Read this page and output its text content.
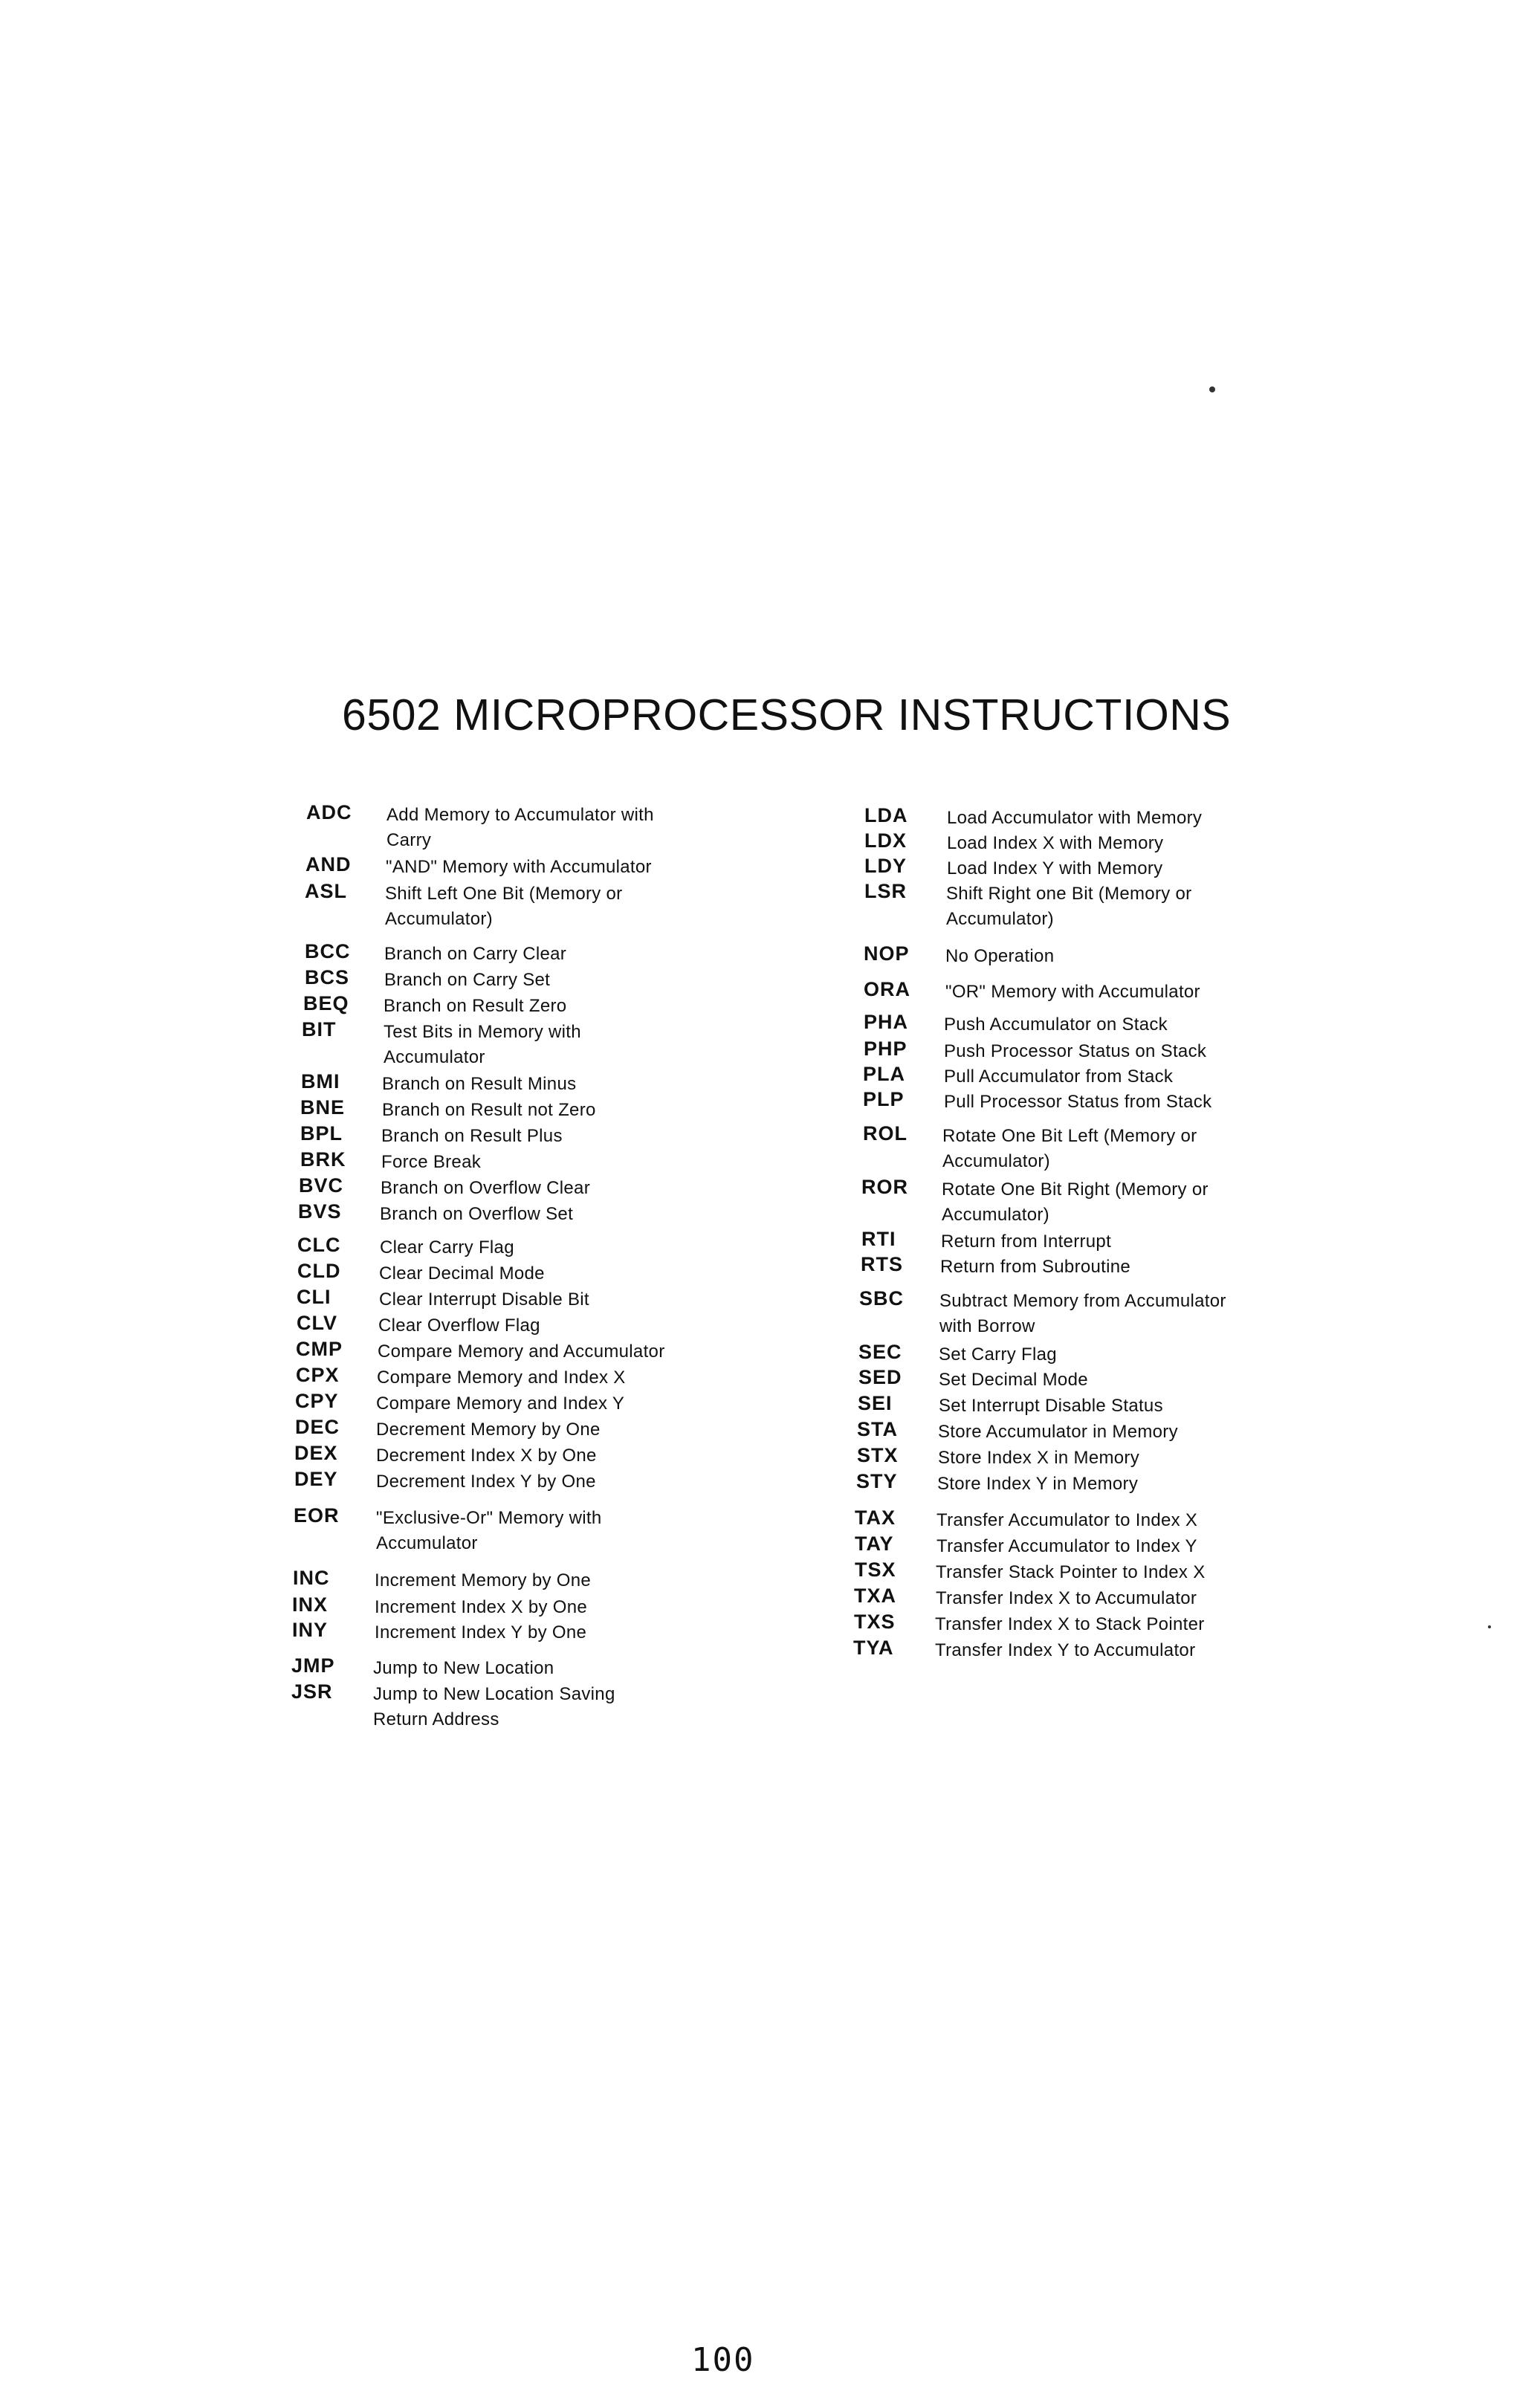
6502 MICROPROCESSOR INSTRUCTIONS
ADC Add Memory to Accumulator with
Carry
AND "AND" Memory with Accumulator
ASL Shift Left One Bit (Memory or
Accumulator)
BCC Branch on Carry Clear
BCS Branch on Carry Set
BEQ Branch on Result Zero
BIT	Test Bits in Memory with
Accumulator
BMI Branch on Result Minus
BNE Branch on Result not Zero
BPL Branch on Result Plus
BRK Force Break
BVC Branch on Overflow Clear
BVS Branch on Overflow Set
CLC Clear Carry Flag
CLD Clear Decimal Mode
CLI	Clear Interrupt Disable Bit
CLV Clear Overflow Flag
CMP Compare Memory and Accumulator
CPX Compare Memory and Index X
CPY Compare Memory and Index Y
DEC Decrement Memory by One
DEX Decrement Index X by One
DEY Decrement Index Y by One
EOR "Exclusive-Or" Memory with
Accumulator
INC	Increment Memory by One
INX	Increment Index X by One
INY	Increment Index Y by One
JMP Jump to New Location
JSR Jump to New Location Saving
Return Address
LDA Load Accumulator with Memory
LDX Load Index X with Memory
LDY Load Index Y with Memory
LSR Shift Right one Bit (Memory or
Accumulator)
NOP No Operation
ORA "OR" Memory with Accumulator
PHA Push Accumulator on Stack
PHP Push Processor Status on Stack
PLA Pull Accumulator from Stack
PLP Pull Processor Status from Stack
ROL Rotate One Bit Left (Memory or
Accumulator)
ROR Rotate One Bit Right (Memory or
Accumulator)
RTI	Return from Interrupt
RTS Return from Subroutine
SBC Subtract Memory from Accumulator
with Borrow
SEC Set Carry Flag
SED Set Decimal Mode
SEI	Set Interrupt Disable Status
STA Store Accumulator in Memory
STX Store Index X in Memory
STY Store Index Y in Memory
TAX Transfer Accumulator to Index X
TAY Transfer Accumulator to Index Y
TSX Transfer Stack Pointer to Index X
TXA Transfer Index X to Accumulator
TXS Transfer Index X to Stack Pointer
TYA Transfer Index Y to Accumulator
100
